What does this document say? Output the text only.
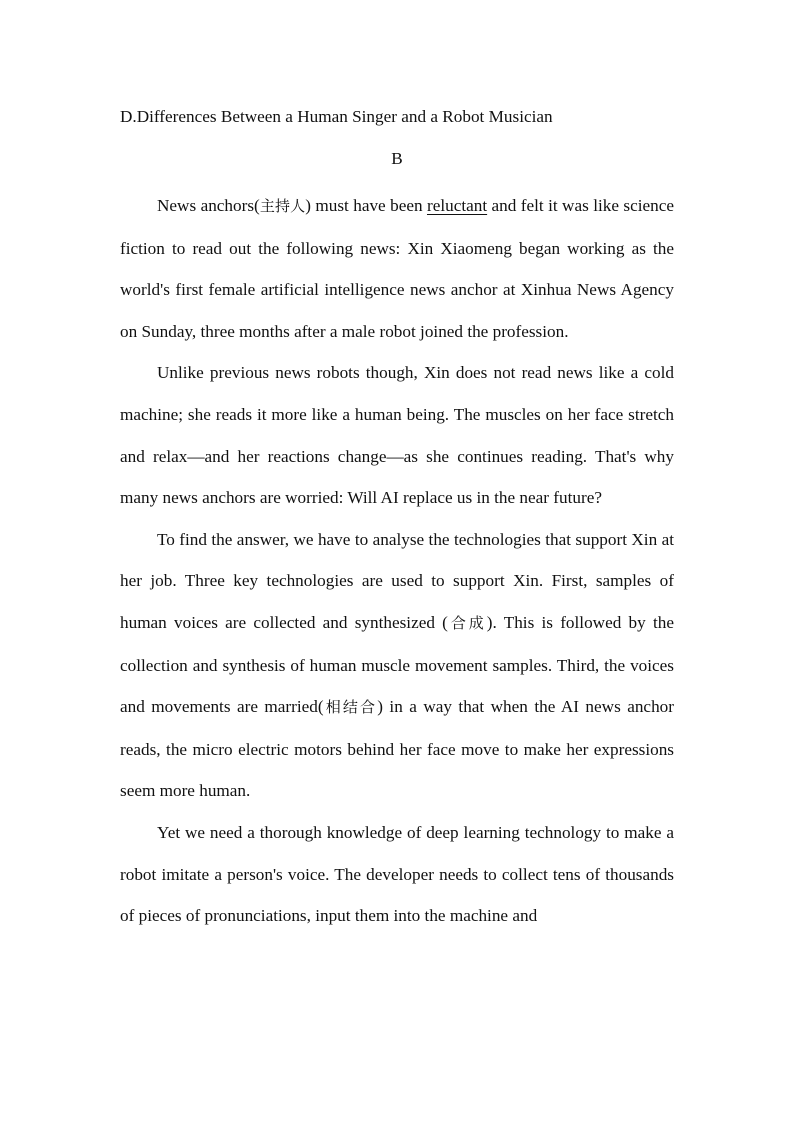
D.Differences Between a Human Singer and a Robot Musician

B

News anchors(主持人) must have been reluctant and felt it was like science fiction to read out the following news: Xin Xiaomeng began working as the world's first female artificial intelligence news anchor at Xinhua News Agency on Sunday, three months after a male robot joined the profession.

Unlike previous news robots though, Xin does not read news like a cold machine; she reads it more like a human being. The muscles on her face stretch and relax—and her reactions change—as she continues reading. That's why many news anchors are worried: Will AI replace us in the near future?

To find the answer, we have to analyse the technologies that support Xin at her job. Three key technologies are used to support Xin. First, samples of human voices are collected and synthesized (合成). This is followed by the collection and synthesis of human muscle movement samples. Third, the voices and movements are married(相结合) in a way that when the AI news anchor reads, the micro electric motors behind her face move to make her expressions seem more human.

Yet we need a thorough knowledge of deep learning technology to make a robot imitate a person's voice. The developer needs to collect tens of thousands of pieces of pronunciations, input them into the machine and
